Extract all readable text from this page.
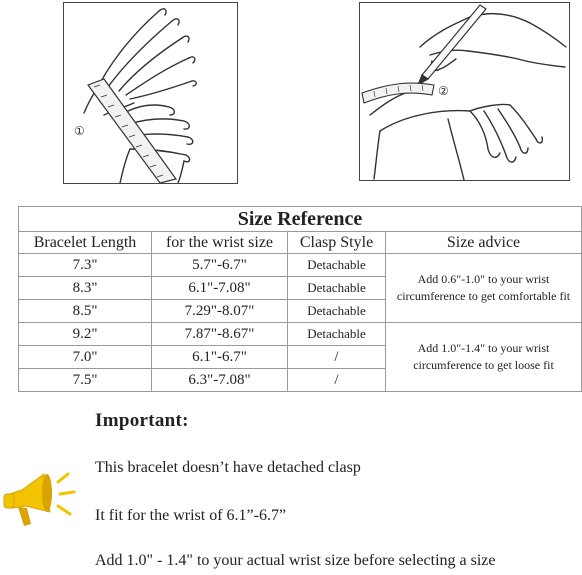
①
②
Size Reference			
Bracelet Length	for the wrist size	Clasp Style	Size advice
7.3"	5.7"-6.7"	Detachable	Add 0.6"-1.0" to your wrist circumference to get comfortable fit
8.3"	6.1"-7.08"	Detachable	
8.5"	7.29"-8.07"	Detachable	
9.2"	7.87"-8.67"	Detachable	Add 1.0"-1.4" to your wrist circumference to get loose fit
7.0"	6.1"-6.7"	/	
7.5"	6.3"-7.08"	/	
Important:

This bracelet doesn’t have detached clasp

It fit for the wrist of 6.1”-6.7”

Add 1.0" - 1.4" to your actual wrist size before selecting a size
